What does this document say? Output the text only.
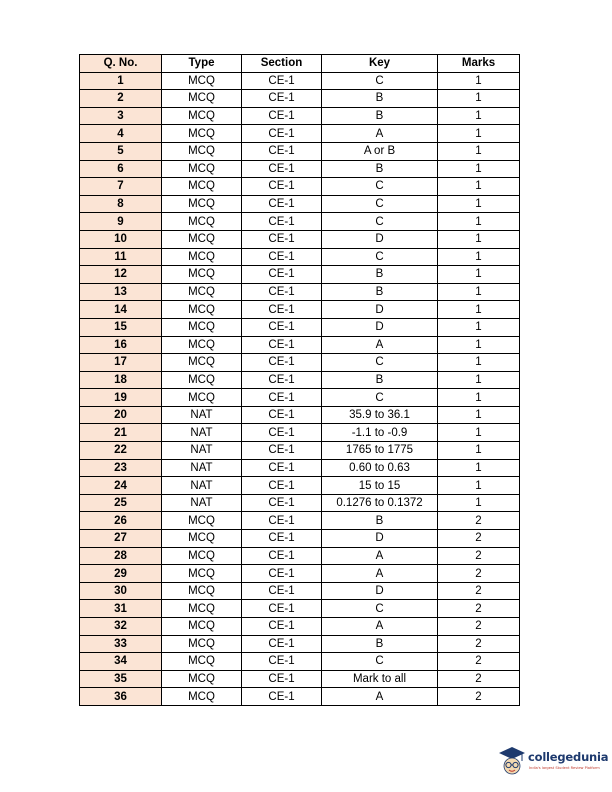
Q. No.	Type	Section	Key	Marks
1	MCQ	CE-1	C	1
2	MCQ	CE-1	B	1
3	MCQ	CE-1	B	1
4	MCQ	CE-1	A	1
5	MCQ	CE-1	A or B	1
6	MCQ	CE-1	B	1
7	MCQ	CE-1	C	1
8	MCQ	CE-1	C	1
9	MCQ	CE-1	C	1
10	MCQ	CE-1	D	1
11	MCQ	CE-1	C	1
12	MCQ	CE-1	B	1
13	MCQ	CE-1	B	1
14	MCQ	CE-1	D	1
15	MCQ	CE-1	D	1
16	MCQ	CE-1	A	1
17	MCQ	CE-1	C	1
18	MCQ	CE-1	B	1
19	MCQ	CE-1	C	1
20	NAT	CE-1	35.9 to 36.1	1
21	NAT	CE-1	-1.1 to -0.9	1
22	NAT	CE-1	1765 to 1775	1
23	NAT	CE-1	0.60 to 0.63	1
24	NAT	CE-1	15 to 15	1
25	NAT	CE-1	0.1276 to 0.1372	1
26	MCQ	CE-1	B	2
27	MCQ	CE-1	D	2
28	MCQ	CE-1	A	2
29	MCQ	CE-1	A	2
30	MCQ	CE-1	D	2
31	MCQ	CE-1	C	2
32	MCQ	CE-1	A	2
33	MCQ	CE-1	B	2
34	MCQ	CE-1	C	2
35	MCQ	CE-1	Mark to all	2
36	MCQ	CE-1	A	2
collegedunia
India's largest Student Review Platform
